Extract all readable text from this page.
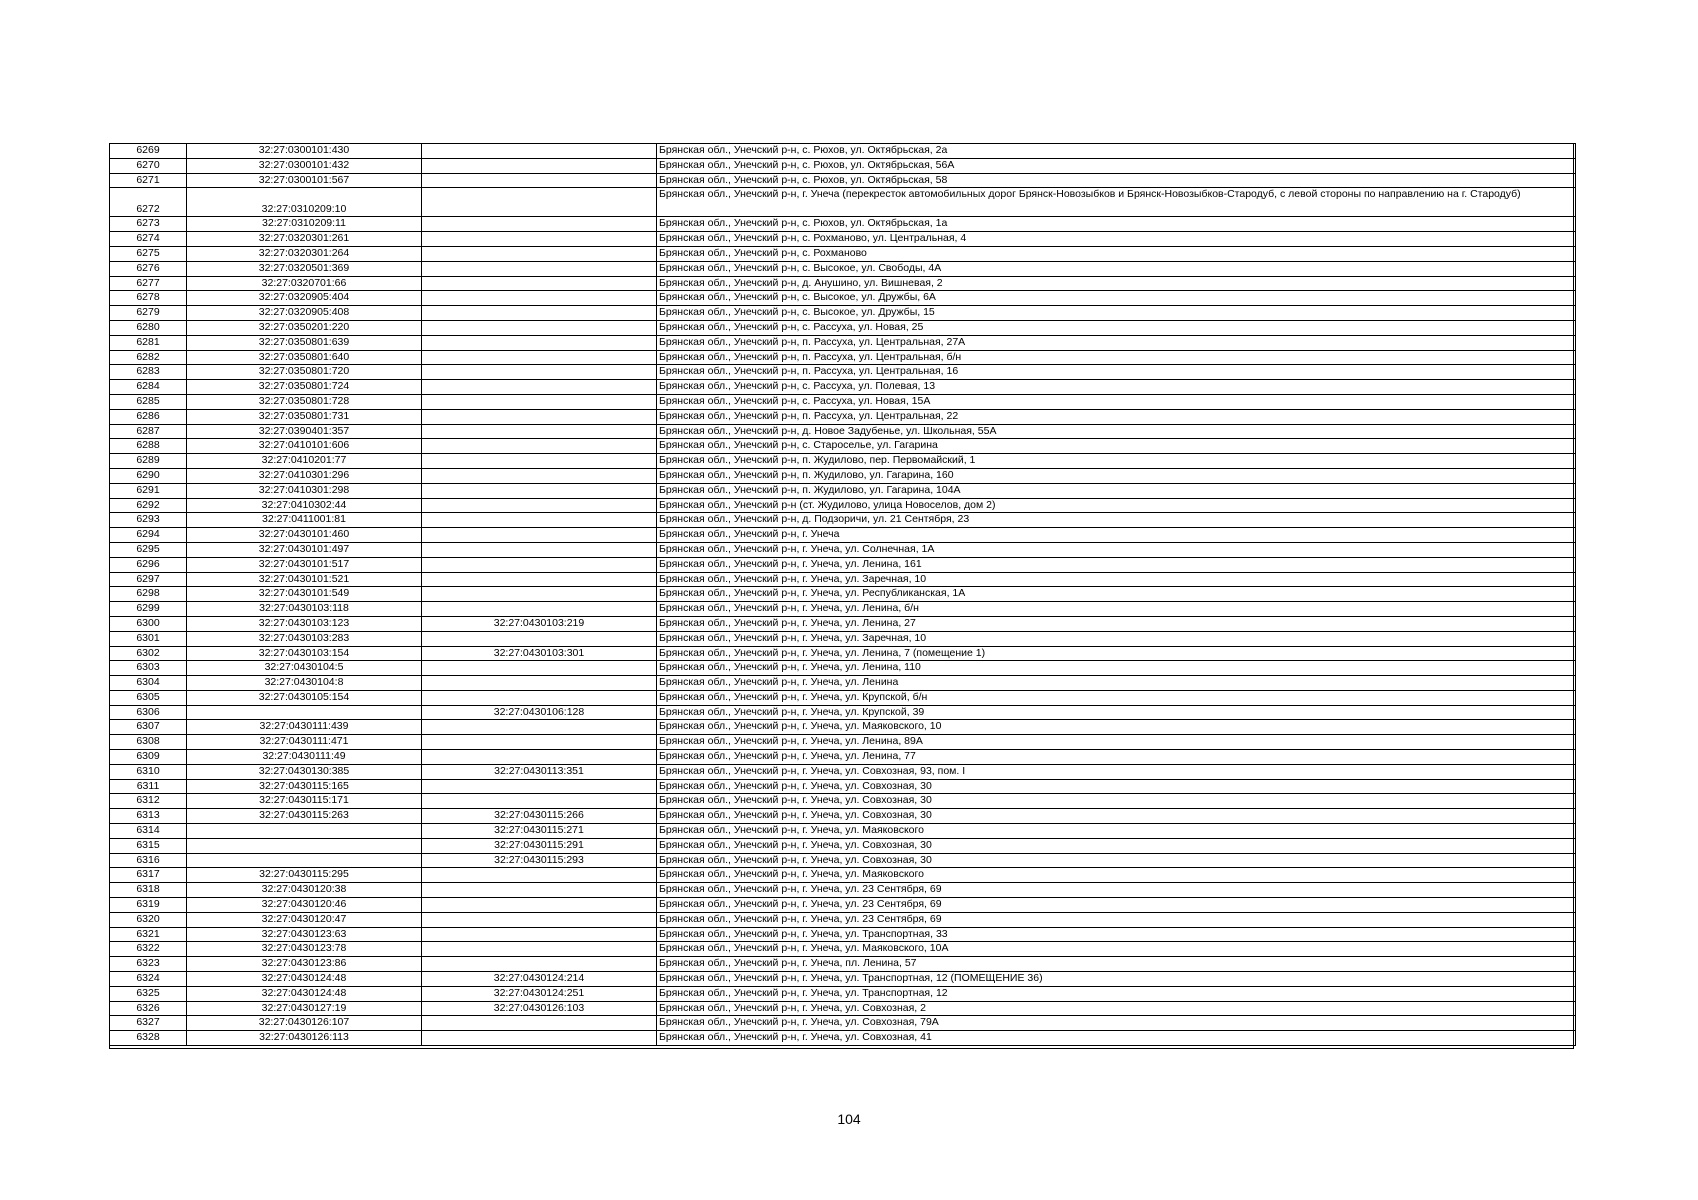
6269	32:27:0300101:430		Брянская обл., Унечский р-н, с. Рюхов, ул. Октябрьская, 2а
6270	32:27:0300101:432		Брянская обл., Унечский р-н, с. Рюхов, ул. Октябрьская, 56А
6271	32:27:0300101:567		Брянская обл., Унечский р-н, с. Рюхов, ул. Октябрьская, 58
6272	32:27:0310209:10		Брянская обл., Унечский р-н, г. Унеча (перекресток автомобильных дорог Брянск-Новозыбков и Брянск-Новозыбков-Стародуб, с левой стороны по направлению на г. Стародуб)
6273	32:27:0310209:11		Брянская обл., Унечский р-н, с. Рюхов, ул. Октябрьская, 1а
6274	32:27:0320301:261		Брянская обл., Унечский р-н, с. Рохманово, ул. Центральная, 4
6275	32:27:0320301:264		Брянская обл., Унечский р-н, с. Рохманово
6276	32:27:0320501:369		Брянская обл., Унечский р-н, с. Высокое, ул. Свободы, 4А
6277	32:27:0320701:66		Брянская обл., Унечский р-н, д. Анушино, ул. Вишневая, 2
6278	32:27:0320905:404		Брянская обл., Унечский р-н, с. Высокое, ул. Дружбы, 6А
6279	32:27:0320905:408		Брянская обл., Унечский р-н, с. Высокое, ул. Дружбы, 15
6280	32:27:0350201:220		Брянская обл., Унечский р-н, с. Рассуха, ул. Новая, 25
6281	32:27:0350801:639		Брянская обл., Унечский р-н, п. Рассуха, ул. Центральная, 27А
6282	32:27:0350801:640		Брянская обл., Унечский р-н, п. Рассуха, ул. Центральная, б/н
6283	32:27:0350801:720		Брянская обл., Унечский р-н, п. Рассуха, ул. Центральная, 16
6284	32:27:0350801:724		Брянская обл., Унечский р-н, с. Рассуха, ул. Полевая, 13
6285	32:27:0350801:728		Брянская обл., Унечский р-н, с. Рассуха, ул. Новая, 15А
6286	32:27:0350801:731		Брянская обл., Унечский р-н, п. Рассуха, ул. Центральная, 22
6287	32:27:0390401:357		Брянская обл., Унечский р-н, д. Новое Задубенье, ул. Школьная, 55А
6288	32:27:0410101:606		Брянская обл., Унечский р-н, с. Староселье, ул. Гагарина
6289	32:27:0410201:77		Брянская обл., Унечский р-н, п. Жудилово, пер. Первомайский, 1
6290	32:27:0410301:296		Брянская обл., Унечский р-н, п. Жудилово, ул. Гагарина, 160
6291	32:27:0410301:298		Брянская обл., Унечский р-н, п. Жудилово, ул. Гагарина, 104А
6292	32:27:0410302:44		Брянская обл., Унечский р-н (ст. Жудилово, улица Новоселов, дом 2)
6293	32:27:0411001:81		Брянская обл., Унечский р-н, д. Подзоричи, ул. 21 Сентября, 23
6294	32:27:0430101:460		Брянская обл., Унечский р-н, г. Унеча
6295	32:27:0430101:497		Брянская обл., Унечский р-н, г. Унеча, ул. Солнечная, 1А
6296	32:27:0430101:517		Брянская обл., Унечский р-н, г. Унеча, ул. Ленина, 161
6297	32:27:0430101:521		Брянская обл., Унечский р-н, г. Унеча, ул. Заречная, 10
6298	32:27:0430101:549		Брянская обл., Унечский р-н, г. Унеча, ул. Республиканская, 1А
6299	32:27:0430103:118		Брянская обл., Унечский р-н, г. Унеча, ул. Ленина, б/н
6300	32:27:0430103:123	32:27:0430103:219	Брянская обл., Унечский р-н, г. Унеча, ул. Ленина, 27
6301	32:27:0430103:283		Брянская обл., Унечский р-н, г. Унеча, ул. Заречная, 10
6302	32:27:0430103:154	32:27:0430103:301	Брянская обл., Унечский р-н, г. Унеча, ул. Ленина, 7 (помещение 1)
6303	32:27:0430104:5		Брянская обл., Унечский р-н, г. Унеча, ул. Ленина, 110
6304	32:27:0430104:8		Брянская обл., Унечский р-н, г. Унеча, ул. Ленина
6305	32:27:0430105:154		Брянская обл., Унечский р-н, г. Унеча, ул. Крупской, б/н
6306		32:27:0430106:128	Брянская обл., Унечский р-н, г. Унеча, ул. Крупской, 39
6307	32:27:0430111:439		Брянская обл., Унечский р-н, г. Унеча, ул. Маяковского, 10
6308	32:27:0430111:471		Брянская обл., Унечский р-н, г. Унеча, ул. Ленина, 89А
6309	32:27:0430111:49		Брянская обл., Унечский р-н, г. Унеча, ул. Ленина, 77
6310	32:27:0430130:385	32:27:0430113:351	Брянская обл., Унечский р-н, г. Унеча, ул. Совхозная, 93, пом. I
6311	32:27:0430115:165		Брянская обл., Унечский р-н, г. Унеча, ул. Совхозная, 30
6312	32:27:0430115:171		Брянская обл., Унечский р-н, г. Унеча, ул. Совхозная, 30
6313	32:27:0430115:263	32:27:0430115:266	Брянская обл., Унечский р-н, г. Унеча, ул. Совхозная, 30
6314		32:27:0430115:271	Брянская обл., Унечский р-н, г. Унеча, ул. Маяковского
6315		32:27:0430115:291	Брянская обл., Унечский р-н, г. Унеча, ул. Совхозная, 30
6316		32:27:0430115:293	Брянская обл., Унечский р-н, г. Унеча, ул. Совхозная, 30
6317	32:27:0430115:295		Брянская обл., Унечский р-н, г. Унеча, ул. Маяковского
6318	32:27:0430120:38		Брянская обл., Унечский р-н, г. Унеча, ул. 23 Сентября, 69
6319	32:27:0430120:46		Брянская обл., Унечский р-н, г. Унеча, ул. 23 Сентября, 69
6320	32:27:0430120:47		Брянская обл., Унечский р-н, г. Унеча, ул. 23 Сентября, 69
6321	32:27:0430123:63		Брянская обл., Унечский р-н, г. Унеча, ул. Транспортная, 33
6322	32:27:0430123:78		Брянская обл., Унечский р-н, г. Унеча, ул. Маяковского, 10А
6323	32:27:0430123:86		Брянская обл., Унечский р-н, г. Унеча, пл. Ленина, 57
6324	32:27:0430124:48	32:27:0430124:214	Брянская обл., Унечский р-н, г. Унеча, ул. Транспортная, 12 (ПОМЕЩЕНИЕ 36)
6325	32:27:0430124:48	32:27:0430124:251	Брянская обл., Унечский р-н, г. Унеча, ул. Транспортная, 12
6326	32:27:0430127:19	32:27:0430126:103	Брянская обл., Унечский р-н, г. Унеча, ул. Совхозная, 2
6327	32:27:0430126:107		Брянская обл., Унечский р-н, г. Унеча, ул. Совхозная, 79А
6328	32:27:0430126:113		Брянская обл., Унечский р-н, г. Унеча, ул. Совхозная, 41
104
